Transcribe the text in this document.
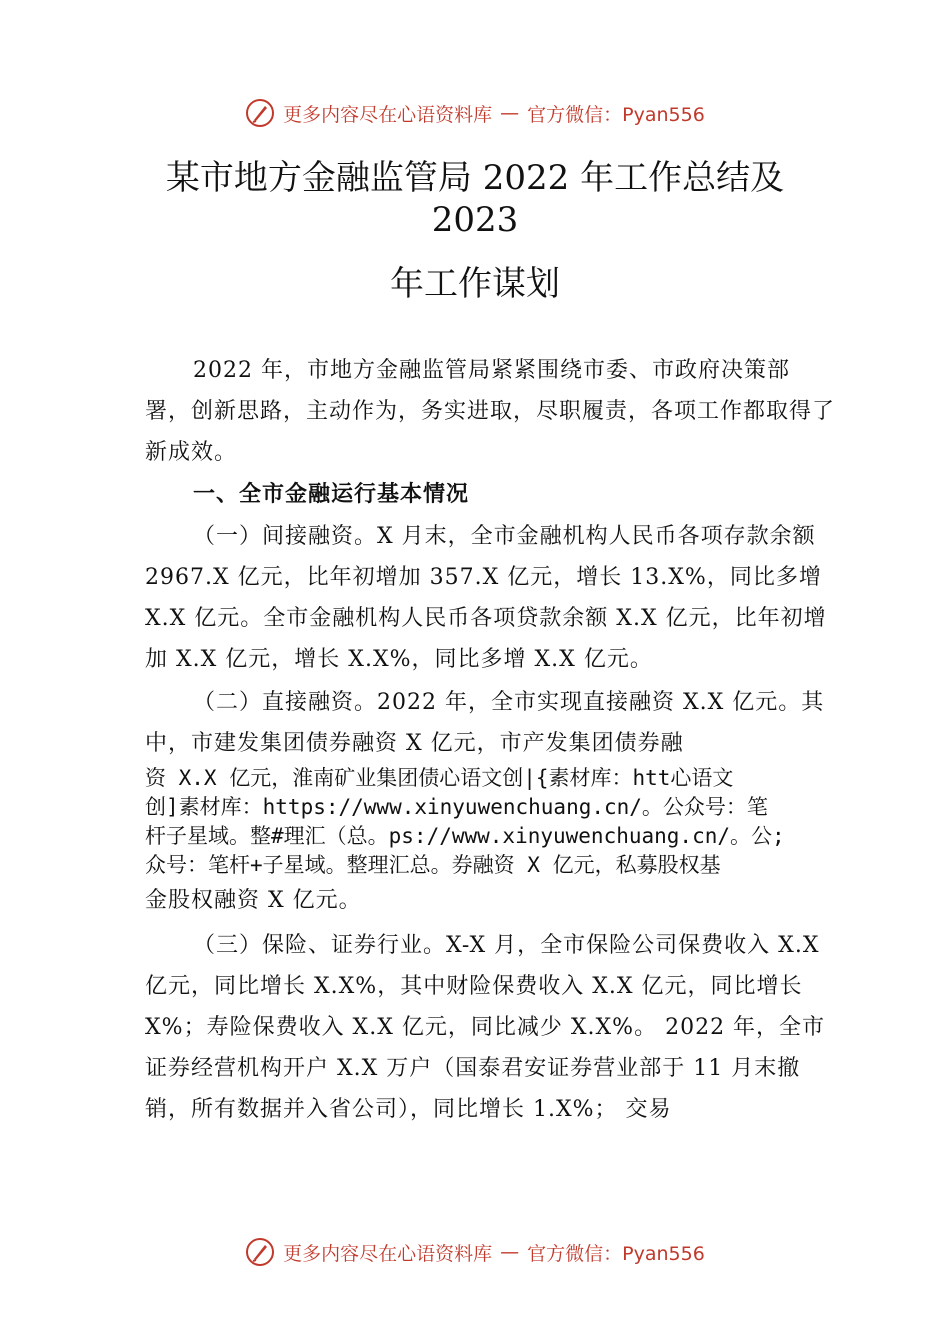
更多内容尽在心语资料库 — 官方微信：Pyan556
某市地方金融监管局 2022 年工作总结及
2023
年工作谋划

2022 年，市地方金融监管局紧紧围绕市委、市政府决策部署，创新思路，主动作为，务实进取，尽职履责，各项工作都取得了新成效。

一、全市金融运行基本情况

（一）间接融资。X 月末，全市金融机构人民币各项存款余额 2967.X 亿元，比年初增加 357.X 亿元，增长 13.X%，同比多增 X.X 亿元。全市金融机构人民币各项贷款余额 X.X 亿元，比年初增加 X.X 亿元，增长 X.X%，同比多增 X.X 亿元。

（二）直接融资。2022 年，全市实现直接融资 X.X 亿元。其中，市建发集团债券融资 X 亿元，市产发集团债券融

资 X.X 亿元，淮南矿业集团债心语文创|{素材库：htt心语文
创]素材库：https://www.xinyuwenchuang.cn/。公众号：笔
杆子星域。整#理汇（总。ps://www.xinyuwenchuang.cn/。公;
众号：笔杆+子星域。整理汇总。券融资 X 亿元，私募股权基

金股权融资 X 亿元。

（三）保险、证券行业。X-X 月，全市保险公司保费收入 X.X 亿元，同比增长 X.X%，其中财险保费收入 X.X 亿元，同比增长 X%；寿险保费收入 X.X 亿元，同比减少 X.X%。 2022 年，全市证券经营机构开户 X.X 万户（国泰君安证券营业部于 11 月末撤销，所有数据并入省公司），同比增长 1.X%； 交易

更多内容尽在心语资料库 — 官方微信：Pyan556
